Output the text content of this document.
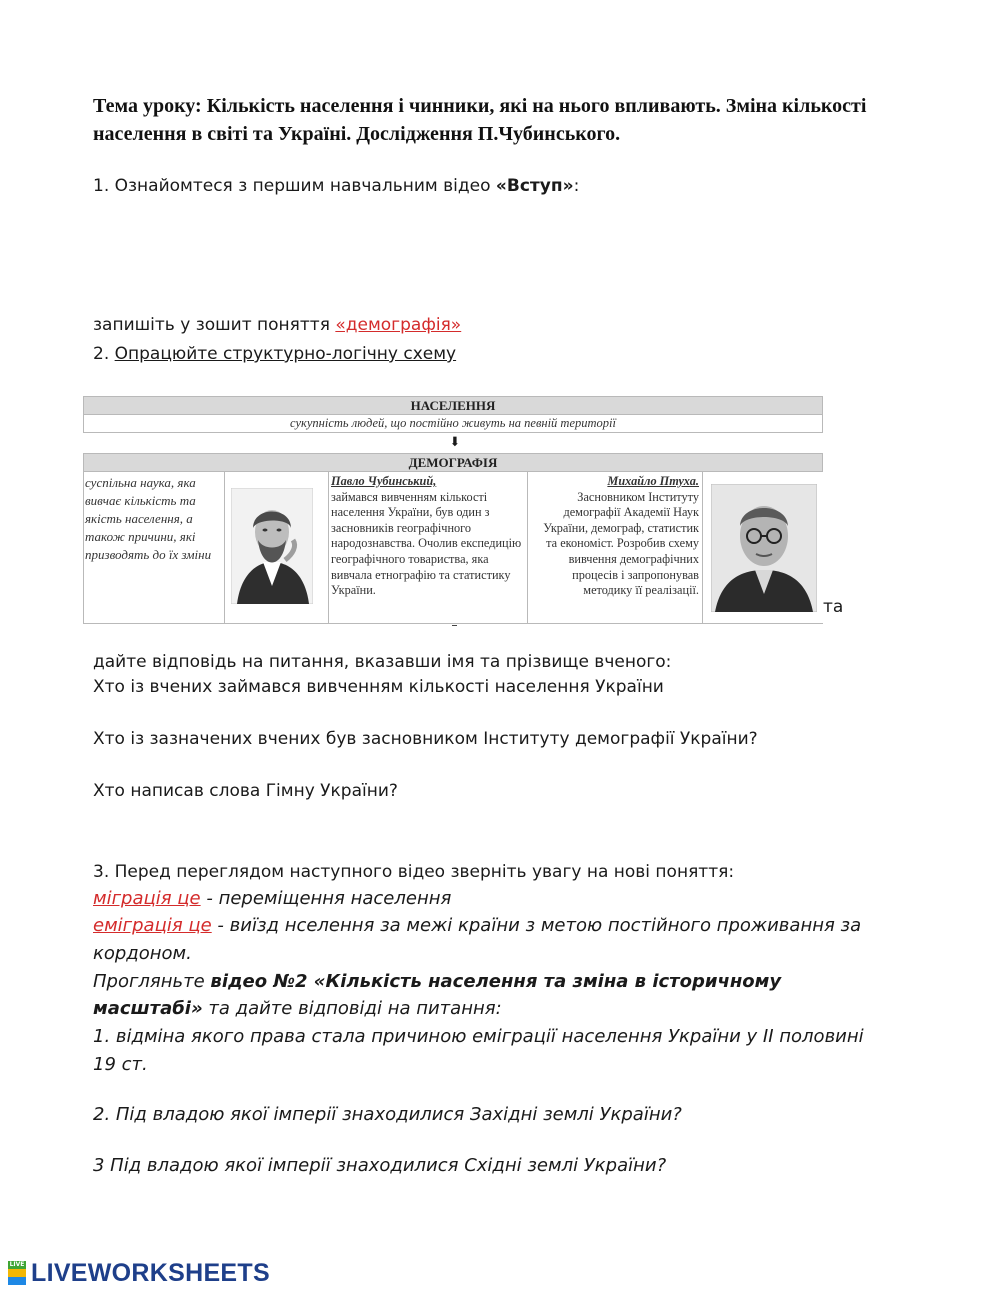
Тема уроку: Кількість населення і чинники, які на нього впливають. Зміна кількості населення в світі та Україні. Дослідження П.Чубинського.
1. Ознайомтеся з першим навчальним відео «Вступ»:
запишіть у зошит поняття «демографія»
2. Опрацюйте структурно-логічну схему
НАСЕЛЕННЯ
сукупність людей, що постійно живуть на певній території
⬇
ДЕМОГРАФІЯ
суспільна наука, яка вивчає кількість та якість населення, а також причини, які призводять до їх зміни
Павло Чубинський,
займався вивченням кількості населення України, був один з засновників географічного народознавства. Очолив експедицію географічного товариства, яка вивчала етнографію та статистику України.
Михайло Птуха.
Засновником Інституту демографії Академії Наук України, демограф, статистик та економіст. Розробив схему вивчення демографічних процесів і запропонував методику її реалізації.
та
дайте відповідь на питання, вказавши імя та прізвище вченого:
Хто із вчених займався вивченням кількості населення України
Хто із зазначених вчених був засновником Інституту демографії України?
Хто написав слова Гімну України?
3. Перед переглядом наступного відео зверніть увагу на нові поняття:
міграція це - переміщення населення
еміграція це - виїзд нселення за межі країни з метою постійного проживання за
кордоном.
Прогляньте відео №2 «Кількість населення та зміна в історичному
масштабі» та дайте відповіді на питання:
1. відміна якого права стала причиною еміграції населення України у ІІ половині
19 ст.
2. Під владою якої імперії знаходилися Західні землі України?
3 Під владою якої імперії знаходилися Східні землі України?
LIVE LIVEWORKSHEETS
